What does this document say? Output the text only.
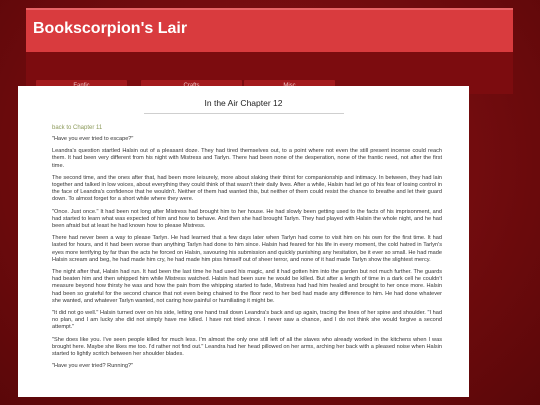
Bookscorpion's Lair
In the Air Chapter 12
back to Chapter 11

"Have you ever tried to escape?"

Leandra's question startled Halsin out of a pleasant doze. They had tired themselves out, to a point where not even the still present incense could reach them. It had been very different from his night with Mistress and Tarlyn. There had been none of the desperation, none of the frantic need, not after the first time.

The second time, and the ones after that, had been more leisurely, more about slaking their thirst for companionship and intimacy. In between, they had lain together and talked in low voices, about everything they could think of that wasn't their daily lives. After a while, Halsin had let go of his fear of losing control in the face of Leandra's confidence that he wouldn't. Neither of them had wanted this, but neither of them could resist the chance to breathe and let their guard down. To almost forget for a short while where they were.

"Once. Just once." It had been not long after Mistress had brought him to her house. He had slowly been getting used to the facts of his imprisonment, and had started to learn what was expected of him and how to behave. And then she had brought Tarlyn. They had played with Halsin the whole night, and he had been afraid but at least he had known how to please Mistress.

There had never been a way to please Tarlyn. He had learned that a few days later when Tarlyn had come to visit him on his own for the first time. It had lasted for hours, and it had been worse than anything Tarlyn had done to him since. Halsin had feared for his life in every moment, the cold hatred in Tarlyn's eyes more terrifying by far than the acts he forced on Halsin, savouring his submission and quickly punishing any hesitation, be it ever so small. He had made Halsin scream and beg, he had made him cry, he had made him piss himself out of sheer terror, and none of it had made Tarlyn show the slightest mercy.

The night after that, Halsin had run. It had been the last time he had used his magic, and it had gotten him into the garden but not much further. The guards had beaten him and then whipped him while Mistress watched. Halsin had been sure he would be killed. But after a length of time in a dark cell he couldn't measure beyond how thirsty he was and how the pain from the whipping started to fade, Mistress had had him healed and brought to her once more. Halsin had been so grateful for the second chance that not even being chained to the floor next to her bed had made any difference to him. He had done whatever she wanted, and whatever Tarlyn wanted, not caring how painful or humiliating it might be.

"It did not go well." Halsin turned over on his side, letting one hand trail down Leandra's back and up again, tracing the lines of her spine and shoulder. "I had no plan, and I am lucky she did not simply have me killed. I have not tried since. I never saw a chance, and I do not think she would forgive a second attempt."

"She does like you. I've seen people killed for much less. I'm almost the only one still left of all the slaves who already worked in the kitchens when I was brought here. Maybe she likes me too. I'd rather not find out." Leandra had her head pillowed on her arms, arching her back with a pleased noise when Halsin started to lightly scritch between her shoulder blades.

"Have you ever tried? Running?"
